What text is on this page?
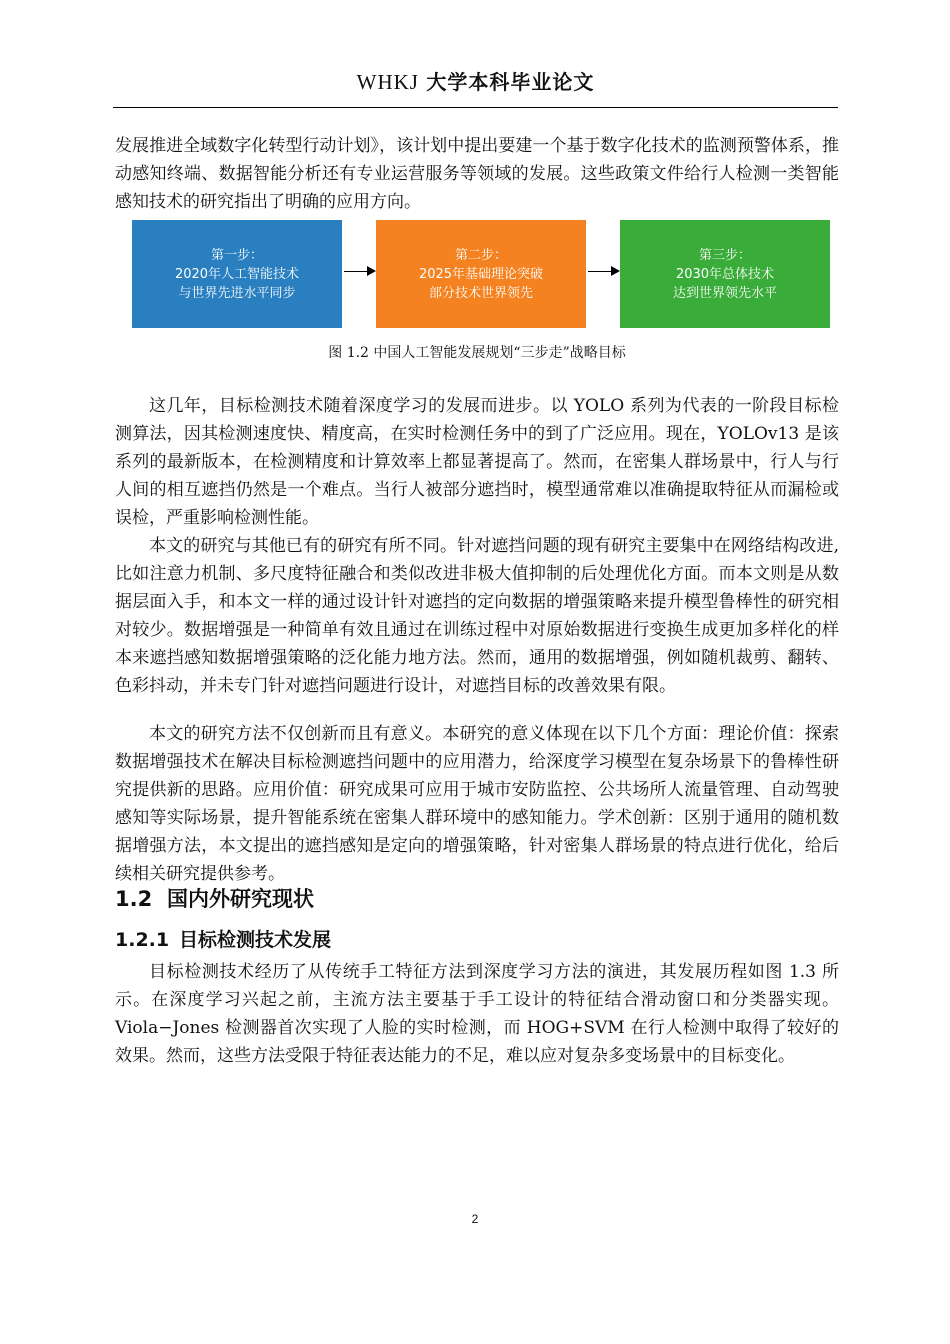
WHKJ 大学本科毕业论文

发展推进全域数字化转型行动计划》，该计划中提出要建一个基于数字化技术的监测预警体系，推动感知终端、数据智能分析还有专业运营服务等领域的发展。这些政策文件给行人检测一类智能感知技术的研究指出了明确的应用方向。

第一步：
2020年人工智能技术
与世界先进水平同步
第二步：
2025年基础理论突破
部分技术世界领先
第三步：
2030年总体技术
达到世界领先水平
图 1.2 中国人工智能发展规划“三步走”战略目标

这几年，目标检测技术随着深度学习的发展而进步。以 YOLO 系列为代表的一阶段目标检测算法，因其检测速度快、精度高，在实时检测任务中的到了广泛应用。现在，YOLOv13 是该系列的最新版本，在检测精度和计算效率上都显著提高了。然而，在密集人群场景中，行人与行人间的相互遮挡仍然是一个难点。当行人被部分遮挡时，模型通常难以准确提取特征从而漏检或误检，严重影响检测性能。

本文的研究与其他已有的研究有所不同。针对遮挡问题的现有研究主要集中在网络结构改进, 比如注意力机制、多尺度特征融合和类似改进非极大值抑制的后处理优化方面。而本文则是从数据层面入手，和本文一样的通过设计针对遮挡的定向数据的增强策略来提升模型鲁棒性的研究相对较少。数据增强是一种简单有效且通过在训练过程中对原始数据进行变换生成更加多样化的样本来遮挡感知数据增强策略的泛化能力地方法。然而，通用的数据增强，例如随机裁剪、翻转、色彩抖动，并未专门针对遮挡问题进行设计，对遮挡目标的改善效果有限。

本文的研究方法不仅创新而且有意义。本研究的意义体现在以下几个方面：理论价值：探索数据增强技术在解决目标检测遮挡问题中的应用潜力，给深度学习模型在复杂场景下的鲁棒性研究提供新的思路。应用价值：研究成果可应用于城市安防监控、公共场所人流量管理、自动驾驶感知等实际场景，提升智能系统在密集人群环境中的感知能力。学术创新：区别于通用的随机数据增强方法，本文提出的遮挡感知是定向的增强策略，针对密集人群场景的特点进行优化，给后续相关研究提供参考。

1.2 国内外研究现状
1.2.1 目标检测技术发展

目标检测技术经历了从传统手工特征方法到深度学习方法的演进，其发展历程如图 1.3 所示。在深度学习兴起之前，主流方法主要基于手工设计的特征结合滑动窗口和分类器实现。Viola−Jones 检测器首次实现了人脸的实时检测，而 HOG+SVM 在行人检测中取得了较好的效果。然而，这些方法受限于特征表达能力的不足，难以应对复杂多变场景中的目标变化。

2
